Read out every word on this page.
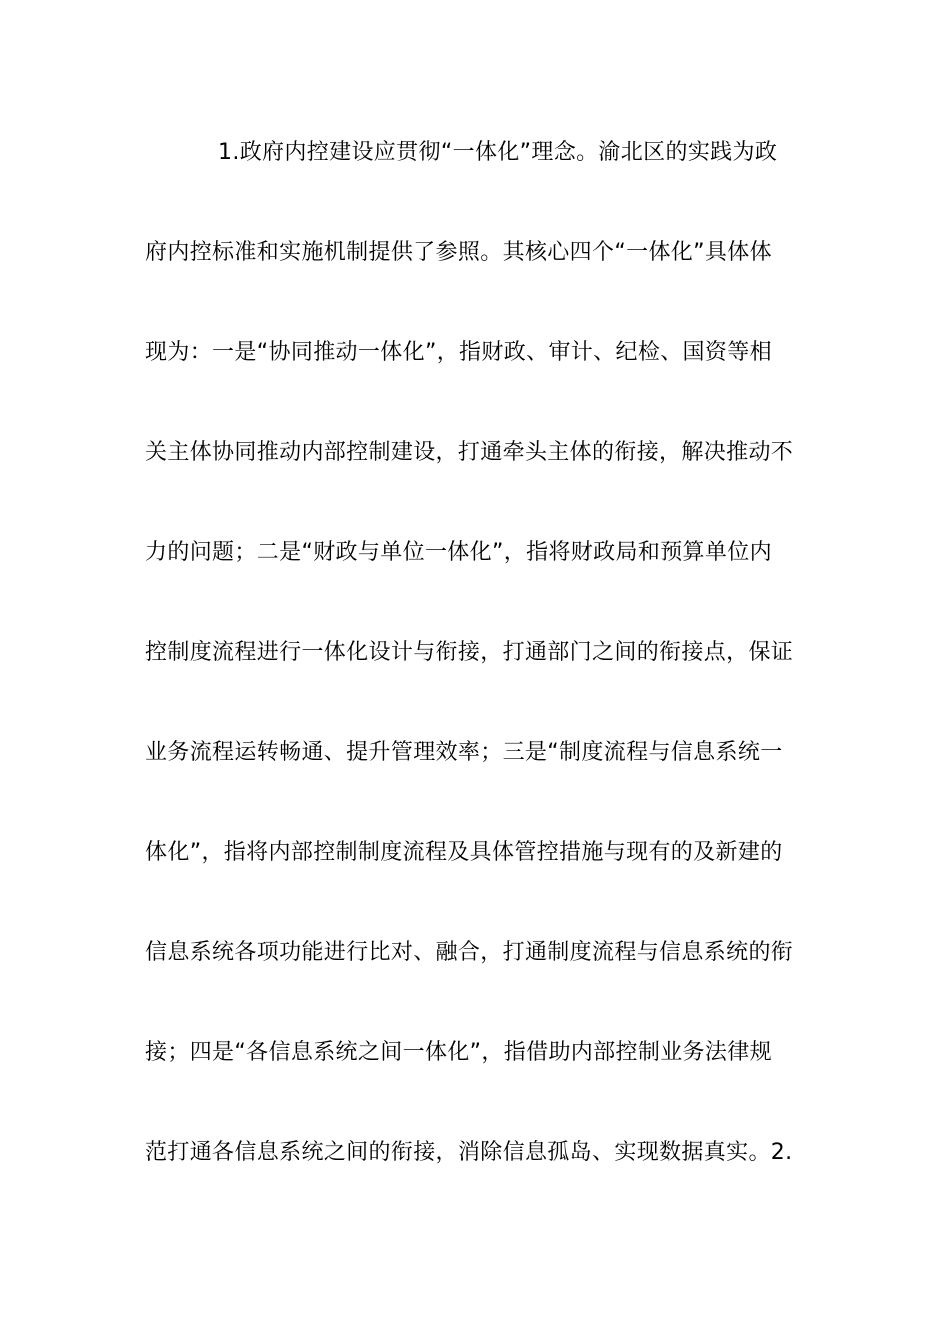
1.政府内控建设应贯彻“一体化”理念。渝北区的实践为政
府内控标准和实施机制提供了参照。其核心四个“一体化”具体体
现为：一是“协同推动一体化”，指财政、审计、纪检、国资等相
关主体协同推动内部控制建设，打通牵头主体的衔接，解决推动不
力的问题；二是“财政与单位一体化”，指将财政局和预算单位内
控制度流程进行一体化设计与衔接，打通部门之间的衔接点，保证
业务流程运转畅通、提升管理效率；三是“制度流程与信息系统一
体化”，指将内部控制制度流程及具体管控措施与现有的及新建的
信息系统各项功能进行比对、融合，打通制度流程与信息系统的衔
接；四是“各信息系统之间一体化”，指借助内部控制业务法律规
范打通各信息系统之间的衔接，消除信息孤岛、实现数据真实。2.
